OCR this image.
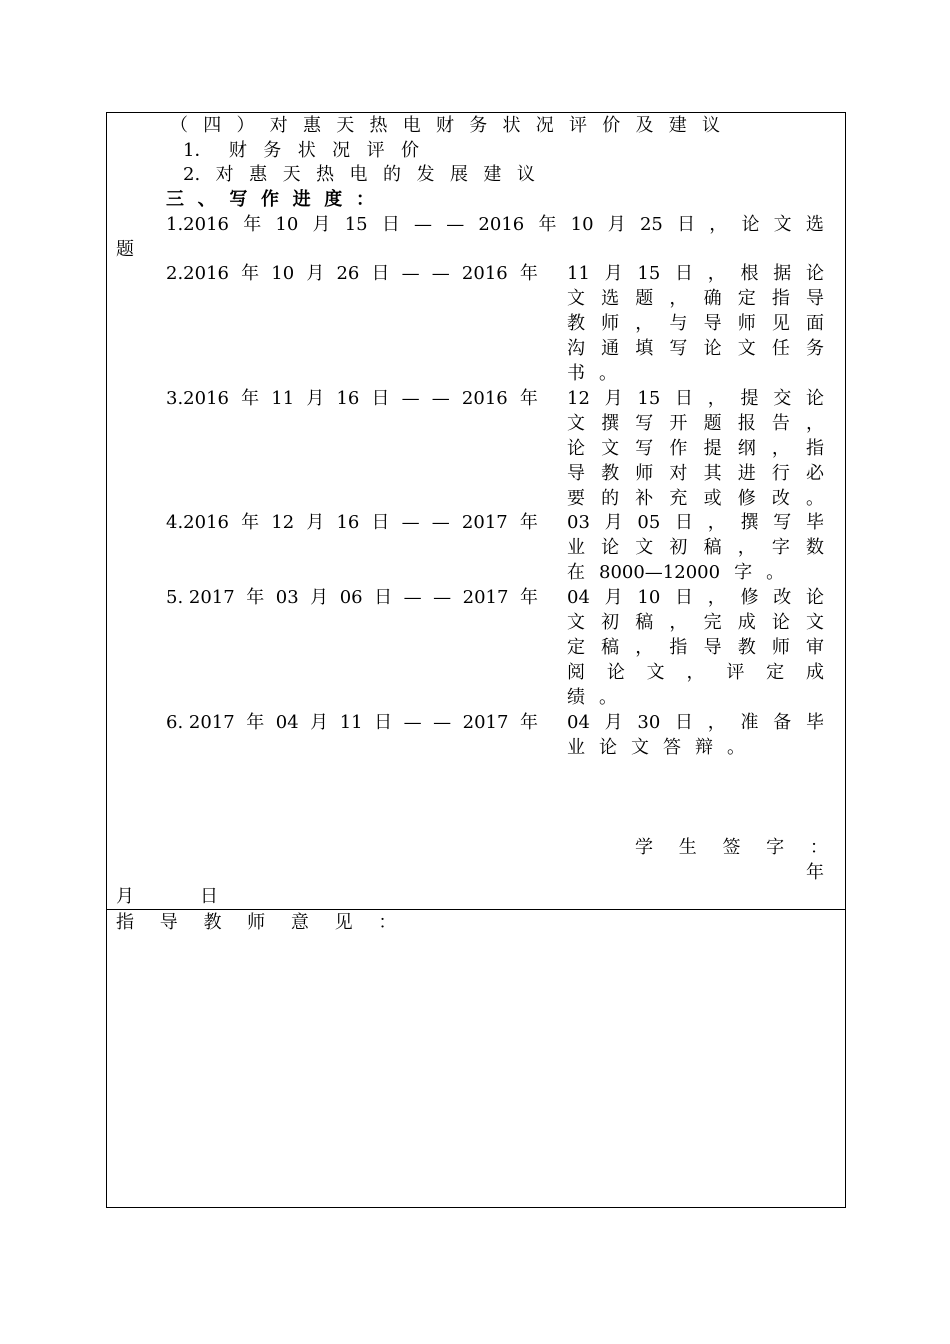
（ 四 ） 对 惠 天 热 电 财 务 状 况 评 价 及 建 议
1． 财 务 状 况 评 价
2. 对 惠 天 热 电 的 发 展 建 议
三 、 写 作 进 度 ：
1.2016 年 10 月 15 日 — — 2016 年 10 月 25 日 ， 论 文 选
题
2.2016 年 10 月 26 日 — — 2016 年 11 月 15 日 ， 根 据 论
文 选 题 ， 确 定 指 导
教 师 ， 与 导 师 见 面
沟 通 填 写 论 文 任 务
书 。
3.2016 年 11 月 16 日 — — 2016 年 12 月 15 日 ， 提 交 论
文 撰 写 开 题 报 告 ，
论 文 写 作 提 纲 ， 指
导 教 师 对 其 进 行 必
要 的 补 充 或 修 改 。
4.2016 年 12 月 16 日 — — 2017 年 03 月 05 日 ， 撰 写 毕
业 论 文 初 稿 ， 字 数
在 8000—12000 字 。
5. 2017 年 03 月 06 日 — — 2017 年 04 月 10 日 ， 修 改 论
文 初 稿 ， 完 成 论 文
定 稿 ， 指 导 教 师 审
阅 论 文 ， 评 定 成
绩 。
6. 2017 年 04 月 11 日 — — 2017 年 04 月 30 日 ， 准 备 毕
业 论 文 答 辩 。
学 生 签 字 ：
年
月	日
指 导 教 师 意 见 ：
